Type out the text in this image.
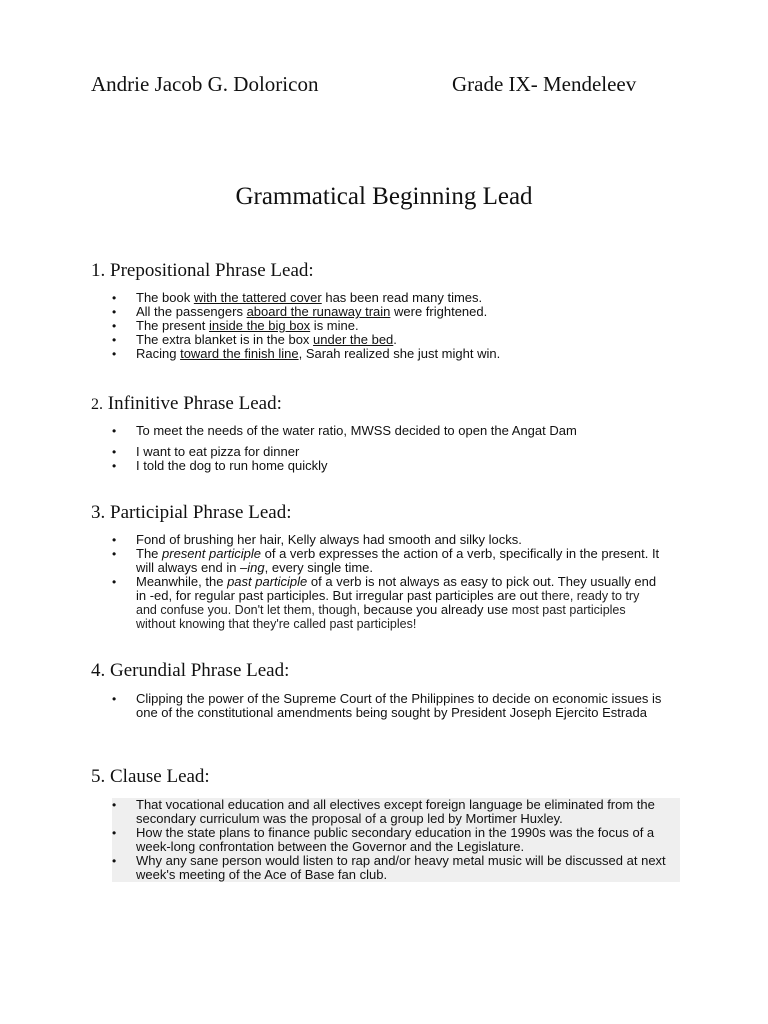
Andrie Jacob G. Doloricon	Grade IX- Mendeleev
Grammatical Beginning Lead
1. Prepositional Phrase Lead:
• The book with the tattered cover has been read many times.
• All the passengers aboard the runaway train were frightened.
• The present inside the big box is mine.
• The extra blanket is in the box under the bed.
• Racing toward the finish line, Sarah realized she just might win.
2. Infinitive Phrase Lead:
• To meet the needs of the water ratio, MWSS decided to open the Angat Dam
• I want to eat pizza for dinner
• I told the dog to run home quickly
3. Participial Phrase Lead:
• Fond of brushing her hair, Kelly always had smooth and silky locks.
• The present participle of a verb expresses the action of a verb, specifically in the present. It will always end in –ing, every single time.
• Meanwhile, the past participle of a verb is not always as easy to pick out. They usually end in -ed, for regular past participles. But irregular past participles are out there, ready to try and confuse you. Don't let them, though, because you already use most past participles without knowing that they're called past participles!
4. Gerundial Phrase Lead:
• Clipping the power of the Supreme Court of the Philippines to decide on economic issues is one of the constitutional amendments being sought by President Joseph Ejercito Estrada
5. Clause Lead:
• That vocational education and all electives except foreign language be eliminated from the secondary curriculum was the proposal of a group led by Mortimer Huxley.
• How the state plans to finance public secondary education in the 1990s was the focus of a week-long confrontation between the Governor and the Legislature.
• Why any sane person would listen to rap and/or heavy metal music will be discussed at next week's meeting of the Ace of Base fan club.
